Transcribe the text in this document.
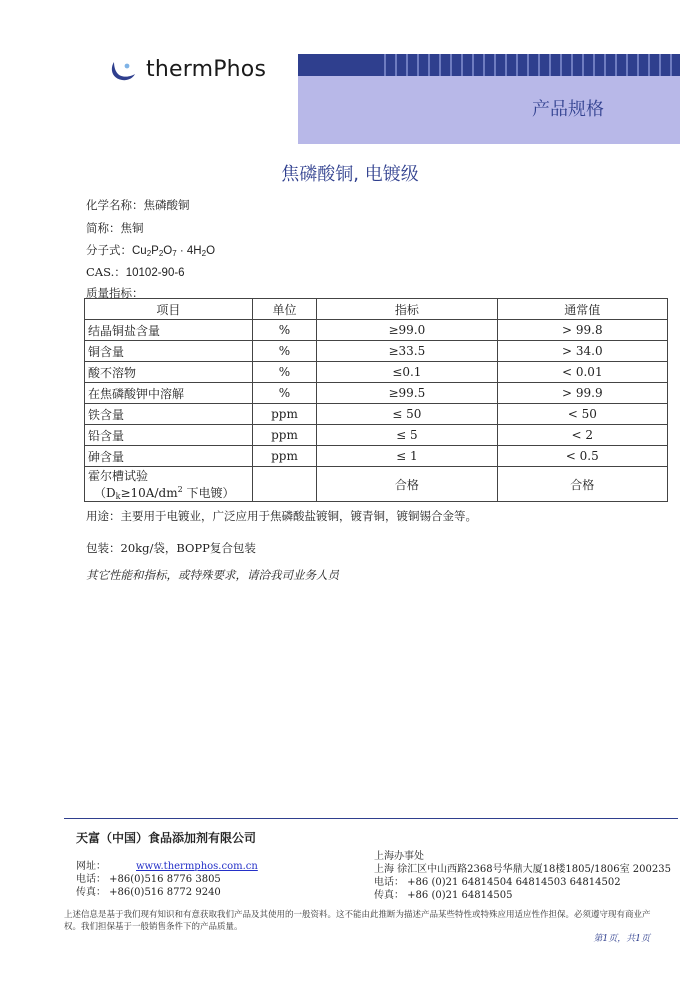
thermPhos
产品规格
焦磷酸铜, 电镀级
化学名称：焦磷酸铜
简称：焦铜
分子式：$Cu_2P_2O_7 \cdot 4H_2O$
CAS.：10102-90-6
质量指标：
项目	单位	指标	通常值
结晶铜盐含量	%	≥99.0	> 99.8
铜含量	%	≥33.5	> 34.0
酸不溶物	%	≤0.1	< 0.01
在焦磷酸钾中溶解	%	≥99.5	> 99.9
铁含量	ppm	≤ 50	< 50
铅含量	ppm	≤ 5	< 2
砷含量	ppm	≤ 1	< 0.5

霍尔槽试验
（$D_k\ge 10A/dm^2$ 下电镀）		合格	合格
用途：主要用于电镀业，广泛应用于焦磷酸盐镀铜，镀青铜，镀铜锡合金等。
包装：20kg/袋，BOPP复合包装
其它性能和指标，或特殊要求，请洽我司业务人员
天富（中国）食品添加剂有限公司
网址：	www.thermphos.com.cn
电话： +86(0)516 8776 3805
传真： +86(0)516 8772 9240
上海办事处
上海 徐汇区中山西路2368号华鼎大厦18楼1805/1806室 200235
电话： +86 (0)21 64814504 64814503 64814502
传真： +86 (0)21 64814505
上述信息是基于我们现有知识和有意获取我们产品及其使用的一般资料。这不能由此推断为描述产品某些特性或特殊应用适应性作担保。必须遵守现有商业产权。我们担保基于一般销售条件下的产品质量。
第1页，共1页
